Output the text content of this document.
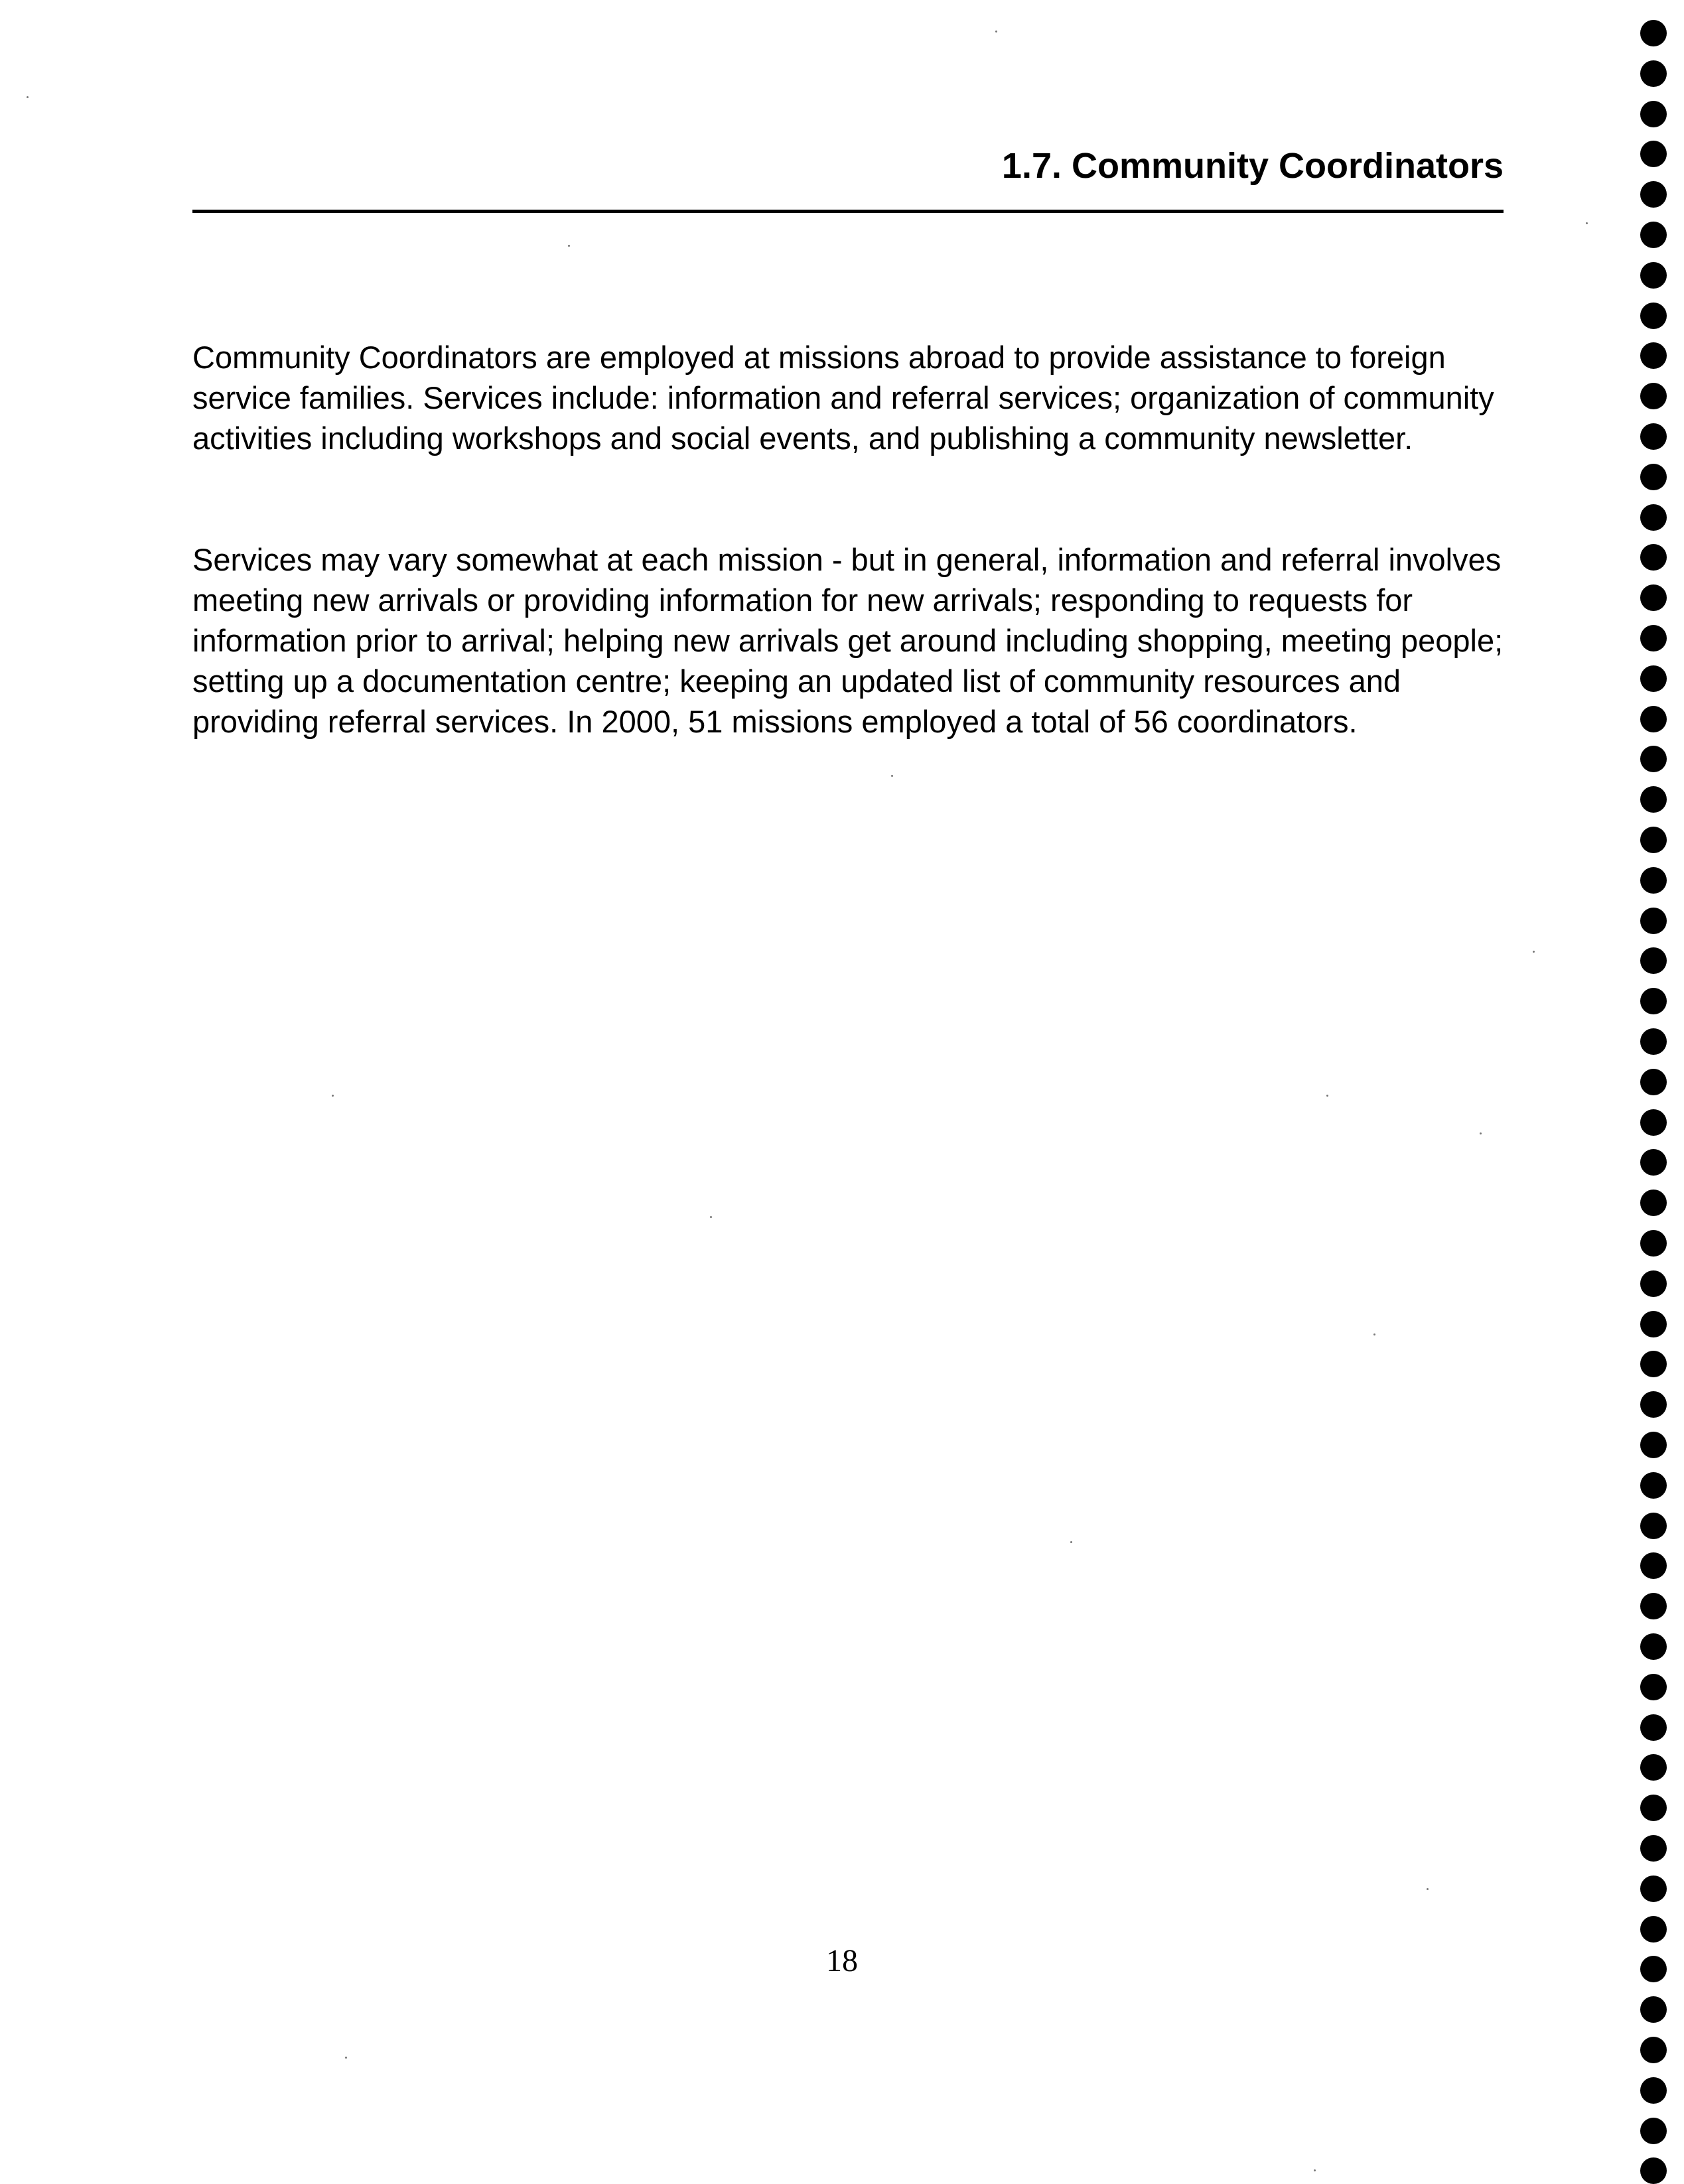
1.7. Community Coordinators

Community Coordinators are employed at missions abroad to provide assistance to foreign service families. Services include: information and referral services; organization of community activities including workshops and social events, and publishing a community newsletter.

Services may vary somewhat at each mission - but in general, information and referral involves meeting new arrivals or providing information for new arrivals; responding to requests for information prior to arrival; helping new arrivals get around including shopping, meeting people; setting up a documentation centre; keeping an updated list of community resources and providing referral services. In 2000, 51 missions employed a total of 56 coordinators.

18
